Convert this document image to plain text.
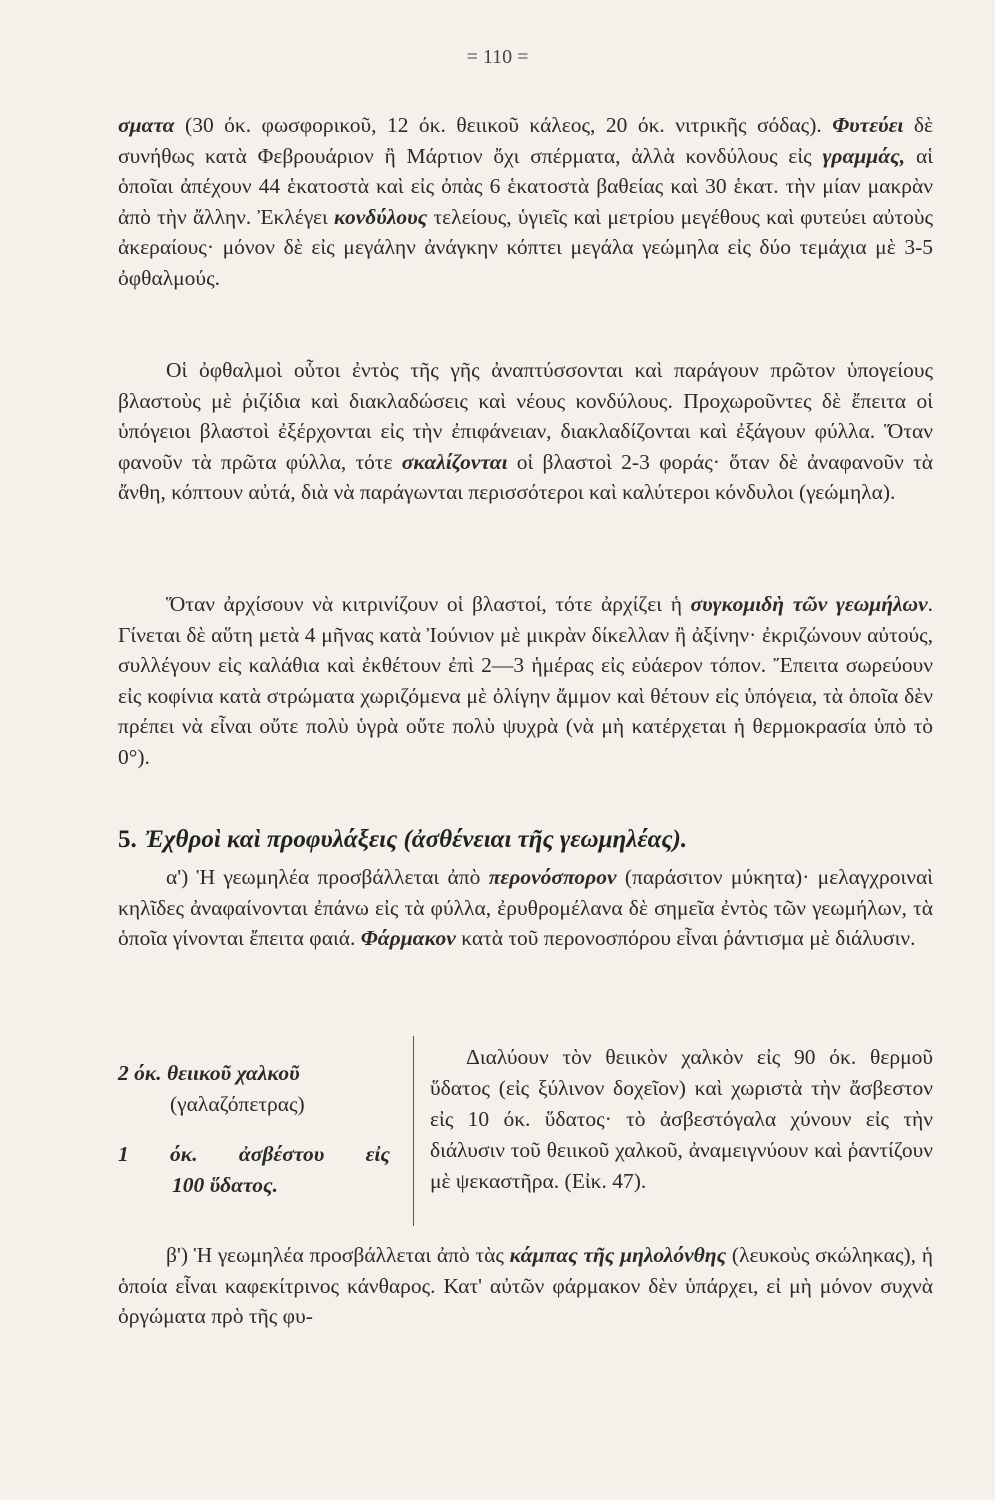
= 110 =

σματα (30 όκ. φωσφορικοῦ, 12 όκ. θειικοῦ κάλεος, 20 όκ. νιτρικῆς σόδας). Φυτεύει δὲ συνήθως κατὰ Φεβρουάριον ἢ Μάρτιον ὄχι σπέρματα, ἀλλὰ κονδύλους εἰς γραμμάς, αἱ ὁποῖαι ἀπέχουν 44 ἑκατοστὰ καὶ εἰς ὀπὰς 6 ἑκατοστὰ βαθείας καὶ 30 ἑκατ. τὴν μίαν μακρὰν ἀπὸ τὴν ἄλλην. Ἐκλέγει κονδύλους τελείους, ὑγιεῖς καὶ μετρίου μεγέθους καὶ φυτεύει αὐτοὺς ἀκεραίους· μόνον δὲ εἰς μεγάλην ἀνάγκην κόπτει μεγάλα γεώμηλα εἰς δύο τεμάχια μὲ 3-5 ὀφθαλμούς.

Οἱ ὀφθαλμοὶ οὗτοι ἐντὸς τῆς γῆς ἀναπτύσσονται καὶ παράγουν πρῶτον ὑπογείους βλαστοὺς μὲ ῥιζίδια καὶ διακλαδώσεις καὶ νέους κονδύλους. Προχωροῦντες δὲ ἔπειτα οἱ ὑπόγειοι βλαστοὶ ἐξέρχονται εἰς τὴν ἐπιφάνειαν, διακλαδίζονται καὶ ἐξάγουν φύλλα. Ὅταν φανοῦν τὰ πρῶτα φύλλα, τότε σκαλίζονται οἱ βλαστοὶ 2-3 φοράς· ὅταν δὲ ἀναφανοῦν τὰ ἄνθη, κόπτουν αὐτά, διὰ νὰ παράγωνται περισσότεροι καὶ καλύτεροι κόνδυλοι (γεώμηλα).

Ὅταν ἀρχίσουν νὰ κιτρινίζουν οἱ βλαστοί, τότε ἀρχίζει ἡ συγκομιδὴ τῶν γεωμήλων. Γίνεται δὲ αὕτη μετὰ 4 μῆνας κατὰ Ἰούνιον μὲ μικρὰν δίκελλαν ἢ ἀξίνην· ἐκριζώνουν αὐτούς, συλλέγουν εἰς καλάθια καὶ ἐκθέτουν ἐπὶ 2—3 ἡμέρας εἰς εὐάερον τόπον. Ἔπειτα σωρεύουν εἰς κοφίνια κατὰ στρώματα χωριζόμενα μὲ ὀλίγην ἄμμον καὶ θέτουν εἰς ὑπόγεια, τὰ ὁποῖα δὲν πρέπει νὰ εἶναι οὔτε πολὺ ὑγρὰ οὔτε πολὺ ψυχρὰ (νὰ μὴ κατέρχεται ἡ θερμοκρασία ὑπὸ τὸ 0°).

5. Ἐχθροὶ καὶ προφυλάξεις (ἀσθένειαι τῆς γεωμηλέας).

α') Ἡ γεωμηλέα προσβάλλεται ἀπὸ περονόσπορον (παράσιτον μύκητα)· μελαγχροιναὶ κηλῖδες ἀναφαίνονται ἐπάνω εἰς τὰ φύλλα, ἐρυθρομέλανα δὲ σημεῖα ἐντὸς τῶν γεωμήλων, τὰ ὁποῖα γίνονται ἔπειτα φαιά. Φάρμακον κατὰ τοῦ περονοσπόρου εἶναι ῥάντισμα μὲ διάλυσιν.

2 όκ. θειικοῦ χαλκοῦ
(γαλαζόπετρας)
1 όκ. ἀσβέστου εἰς
100 ὕδατος.

Διαλύουν τὸν θειικὸν χαλκὸν εἰς 90 όκ. θερμοῦ ὕδατος (εἰς ξύλινον δοχεῖον) καὶ χωριστὰ τὴν ἄσβεστον εἰς 10 όκ. ὕδατος· τὸ ἀσβεστόγαλα χύνουν εἰς τὴν διάλυσιν τοῦ θειικοῦ χαλκοῦ, ἀναμειγνύουν καὶ ῥαντίζουν μὲ ψεκαστῆρα. (Εἰκ. 47).

β') Ἡ γεωμηλέα προσβάλλεται ἀπὸ τὰς κάμπας τῆς μηλολόνθης (λευκοὺς σκώληκας), ἡ ὁποία εἶναι καφεκίτρινος κάνθαρος. Κατ' αὐτῶν φάρμακον δὲν ὑπάρχει, εἰ μὴ μόνον συχνὰ ὀργώματα πρὸ τῆς φυ-
